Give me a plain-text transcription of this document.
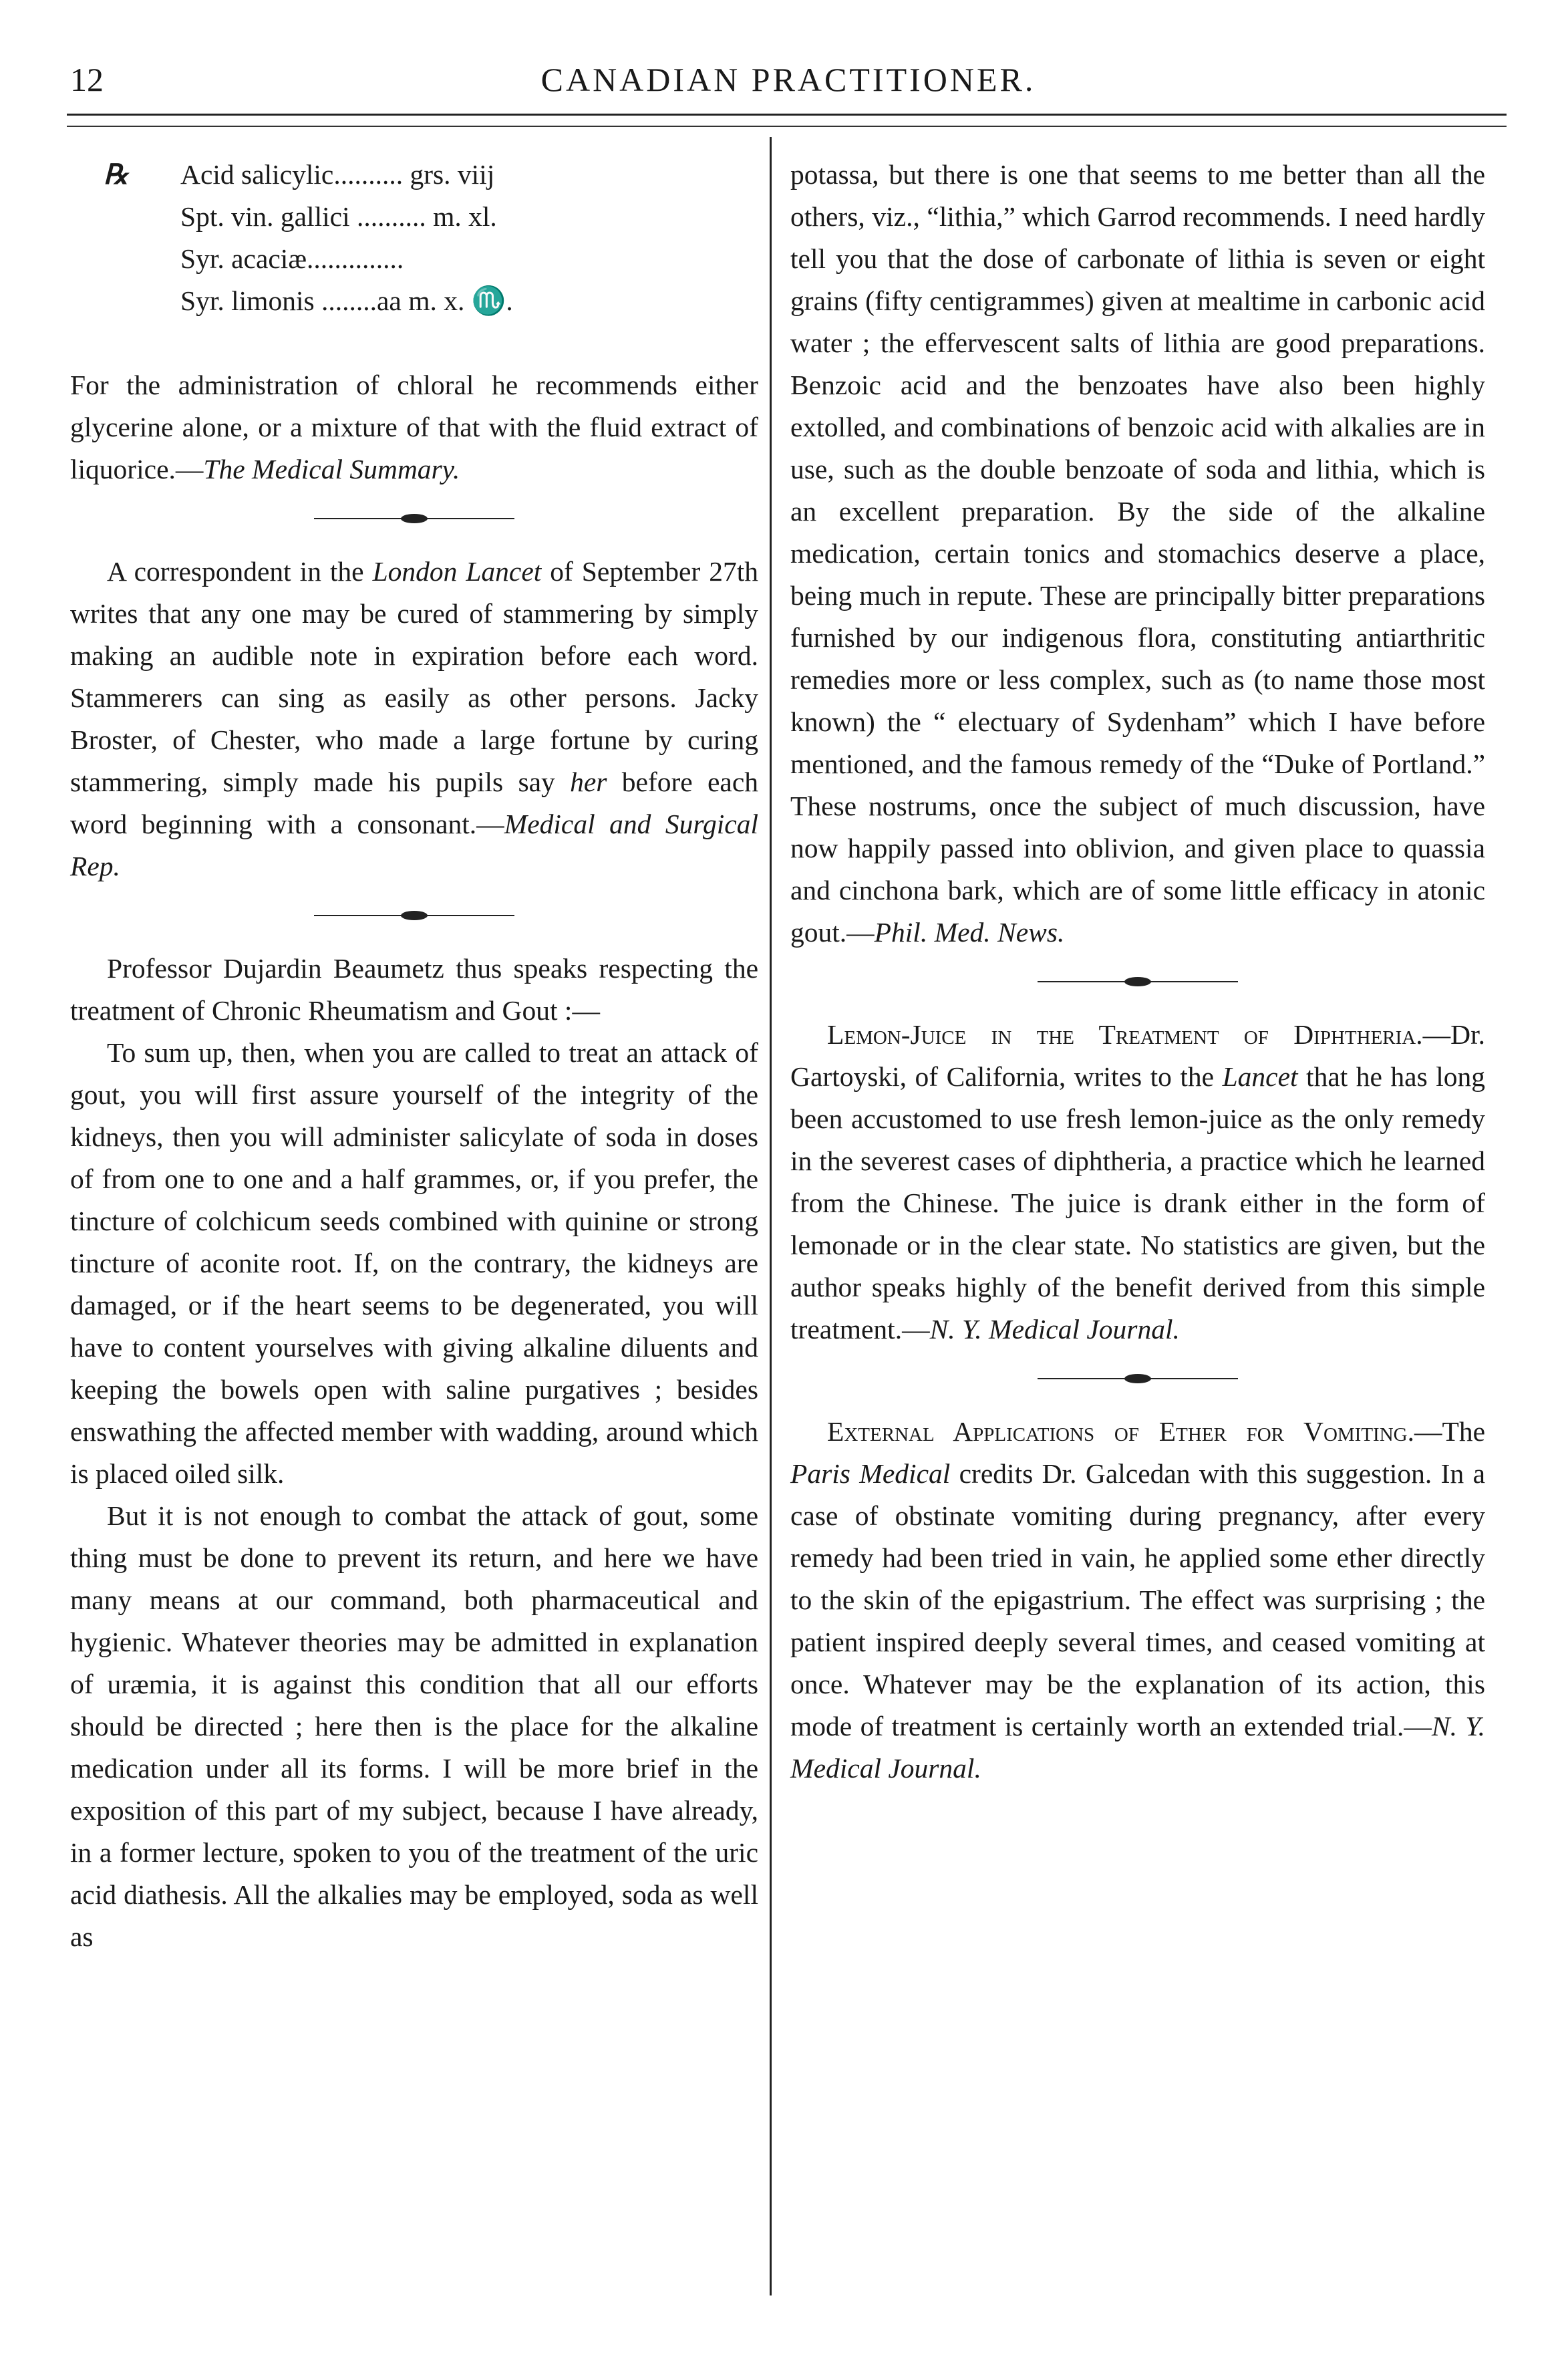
12	CANADIAN PRACTITIONER.
℞ Acid salicylic.......... grs. viij
Spt. vin. gallici .......... m. xl.
Syr. acaciæ..............
Syr. limonis ........aa m. x. ♏.

For the administration of chloral he recommends either glycerine alone, or a mixture of that with the fluid extract of liquorice.—The Medical Summary.

A correspondent in the London Lancet of September 27th writes that any one may be cured of stammering by simply making an audible note in expiration before each word. Stammerers can sing as easily as other persons. Jacky Broster, of Chester, who made a large fortune by curing stammering, simply made his pupils say her before each word beginning with a consonant.—Medical and Surgical Rep.

Professor Dujardin Beaumetz thus speaks respecting the treatment of Chronic Rheumatism and Gout :—

To sum up, then, when you are called to treat an attack of gout, you will first assure yourself of the integrity of the kidneys, then you will administer salicylate of soda in doses of from one to one and a half grammes, or, if you prefer, the tincture of colchicum seeds combined with quinine or strong tincture of aconite root. If, on the contrary, the kidneys are damaged, or if the heart seems to be degenerated, you will have to content yourselves with giving alkaline diluents and keeping the bowels open with saline purgatives ; besides enswathing the affected member with wadding, around which is placed oiled silk.

But it is not enough to combat the attack of gout, some thing must be done to prevent its return, and here we have many means at our command, both pharmaceutical and hygienic. Whatever theories may be admitted in explanation of uræmia, it is against this condition that all our efforts should be directed ; here then is the place for the alkaline medication under all its forms. I will be more brief in the exposition of this part of my subject, because I have already, in a former lecture, spoken to you of the treatment of the uric acid diathesis. All the alkalies may be employed, soda as well as

potassa, but there is one that seems to me better than all the others, viz., “lithia,” which Garrod recommends. I need hardly tell you that the dose of carbonate of lithia is seven or eight grains (fifty centigrammes) given at mealtime in carbonic acid water ; the effervescent salts of lithia are good preparations. Benzoic acid and the benzoates have also been highly extolled, and combinations of benzoic acid with alkalies are in use, such as the double benzoate of soda and lithia, which is an excellent preparation. By the side of the alkaline medication, certain tonics and stomachics deserve a place, being much in repute. These are principally bitter preparations furnished by our indigenous flora, constituting antiarthritic remedies more or less complex, such as (to name those most known) the “ electuary of Sydenham” which I have before mentioned, and the famous remedy of the “Duke of Portland.” These nostrums, once the subject of much discussion, have now happily passed into oblivion, and given place to quassia and cinchona bark, which are of some little efficacy in atonic gout.—Phil. Med. News.

Lemon-Juice in the Treatment of Diphtheria.—Dr. Gartoyski, of California, writes to the Lancet that he has long been accustomed to use fresh lemon-juice as the only remedy in the severest cases of diphtheria, a practice which he learned from the Chinese. The juice is drank either in the form of lemonade or in the clear state. No statistics are given, but the author speaks highly of the benefit derived from this simple treatment.—N. Y. Medical Journal.

External Applications of Ether for Vomiting.—The Paris Medical credits Dr. Galcedan with this suggestion. In a case of obstinate vomiting during pregnancy, after every remedy had been tried in vain, he applied some ether directly to the skin of the epigastrium. The effect was surprising ; the patient inspired deeply several times, and ceased vomiting at once. Whatever may be the explanation of its action, this mode of treatment is certainly worth an extended trial.—N. Y. Medical Journal.
